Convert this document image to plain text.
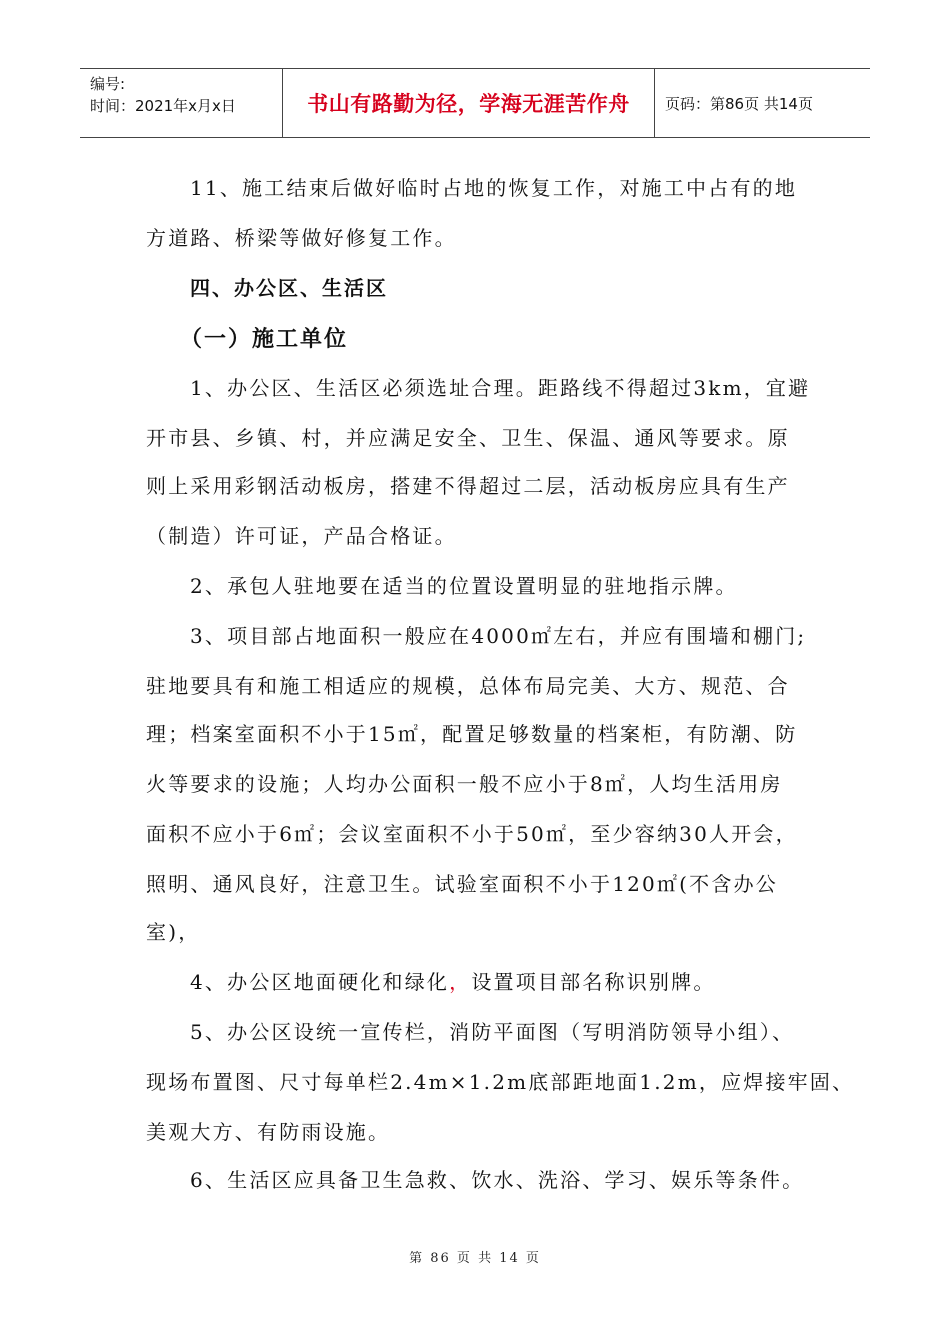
编号:
时间：2021年x月x日	书山有路勤为径，学海无涯苦作舟 页码：第86页 共14页
11、施工结束后做好临时占地的恢复工作，对施工中占有的地
方道路、桥梁等做好修复工作。
四、办公区、生活区
（一）施工单位
1、办公区、生活区必须选址合理。距路线不得超过3km，宜避
开市县、乡镇、村，并应满足安全、卫生、保温、通风等要求。原
则上采用彩钢活动板房，搭建不得超过二层，活动板房应具有生产
（制造）许可证，产品合格证。
2、承包人驻地要在适当的位置设置明显的驻地指示牌。
3、项目部占地面积一般应在4000㎡左右，并应有围墙和棚门;
驻地要具有和施工相适应的规模，总体布局完美、大方、规范、合
理；档案室面积不小于15㎡，配置足够数量的档案柜，有防潮、防
火等要求的设施；人均办公面积一般不应小于8㎡，人均生活用房
面积不应小于6㎡；会议室面积不小于50㎡，至少容纳30人开会，
照明、通风良好，注意卫生。试验室面积不小于120㎡(不含办公
室)，
4、办公区地面硬化和绿化，设置项目部名称识别牌。
5、办公区设统一宣传栏，消防平面图（写明消防领导小组）、
现场布置图、尺寸每单栏2.4m×1.2m底部距地面1.2m，应焊接牢固、
美观大方、有防雨设施。
6、生活区应具备卫生急救、饮水、洗浴、学习、娱乐等条件。
第 86 页 共 14 页
